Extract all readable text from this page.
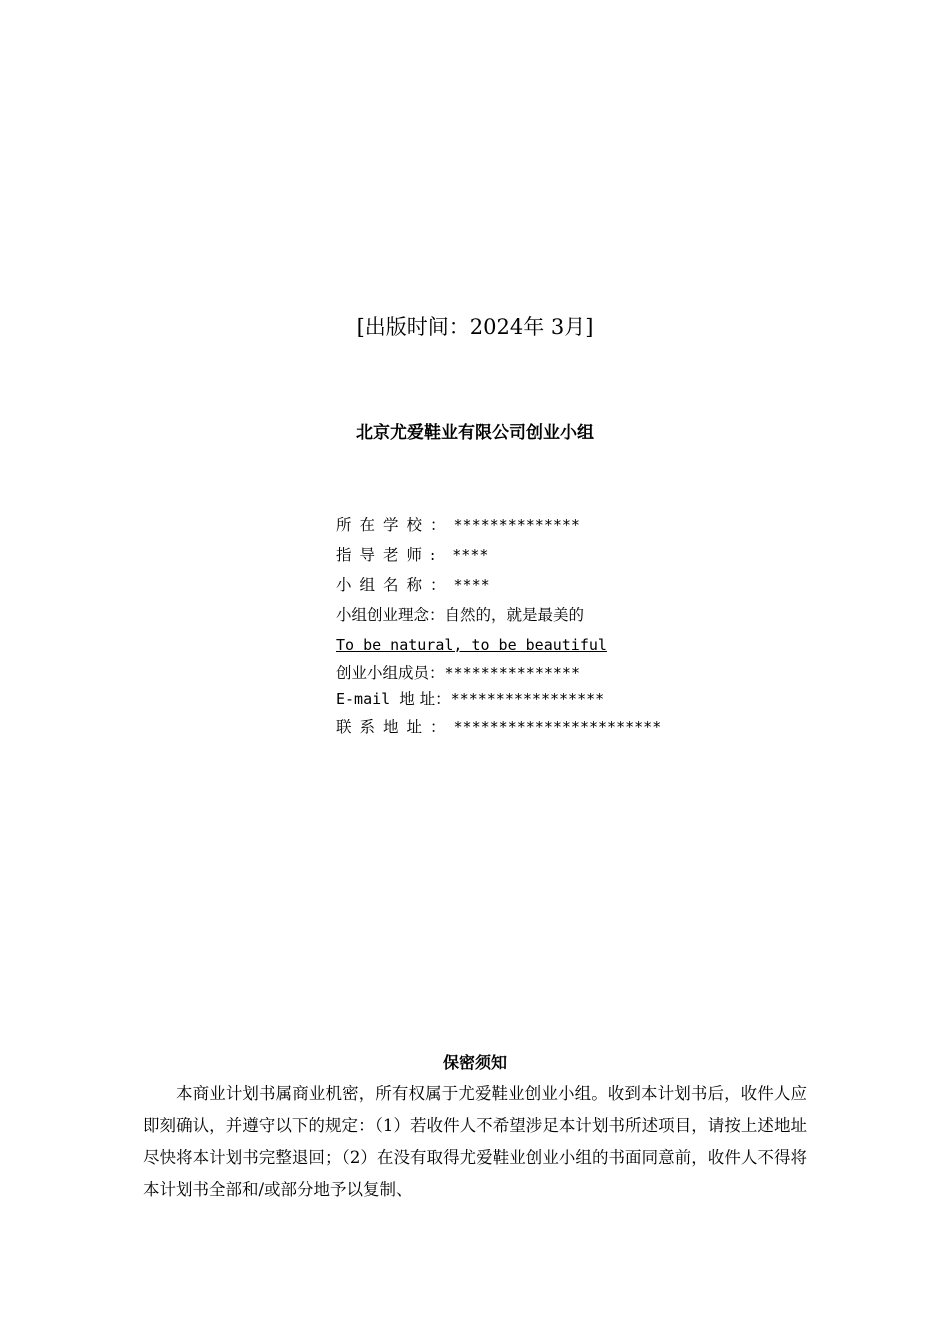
[出版时间：2024年 3月]
北京尤爱鞋业有限公司创业小组
所在学校：**************
指导老师: ****
小组名称：****
小组创业理念：自然的，就是最美的
To be natural, to be beautiful
创业小组成员：***************
E-mail 地 址：*****************
联系地址：***********************
保密须知
本商业计划书属商业机密，所有权属于尤爱鞋业创业小组。收到本计划书后，收件人应即刻确认，并遵守以下的规定：（1）若收件人不希望涉足本计划书所述项目，请按上述地址尽快将本计划书完整退回；（2）在没有取得尤爱鞋业创业小组的书面同意前，收件人不得将本计划书全部和/或部分地予以复制、
